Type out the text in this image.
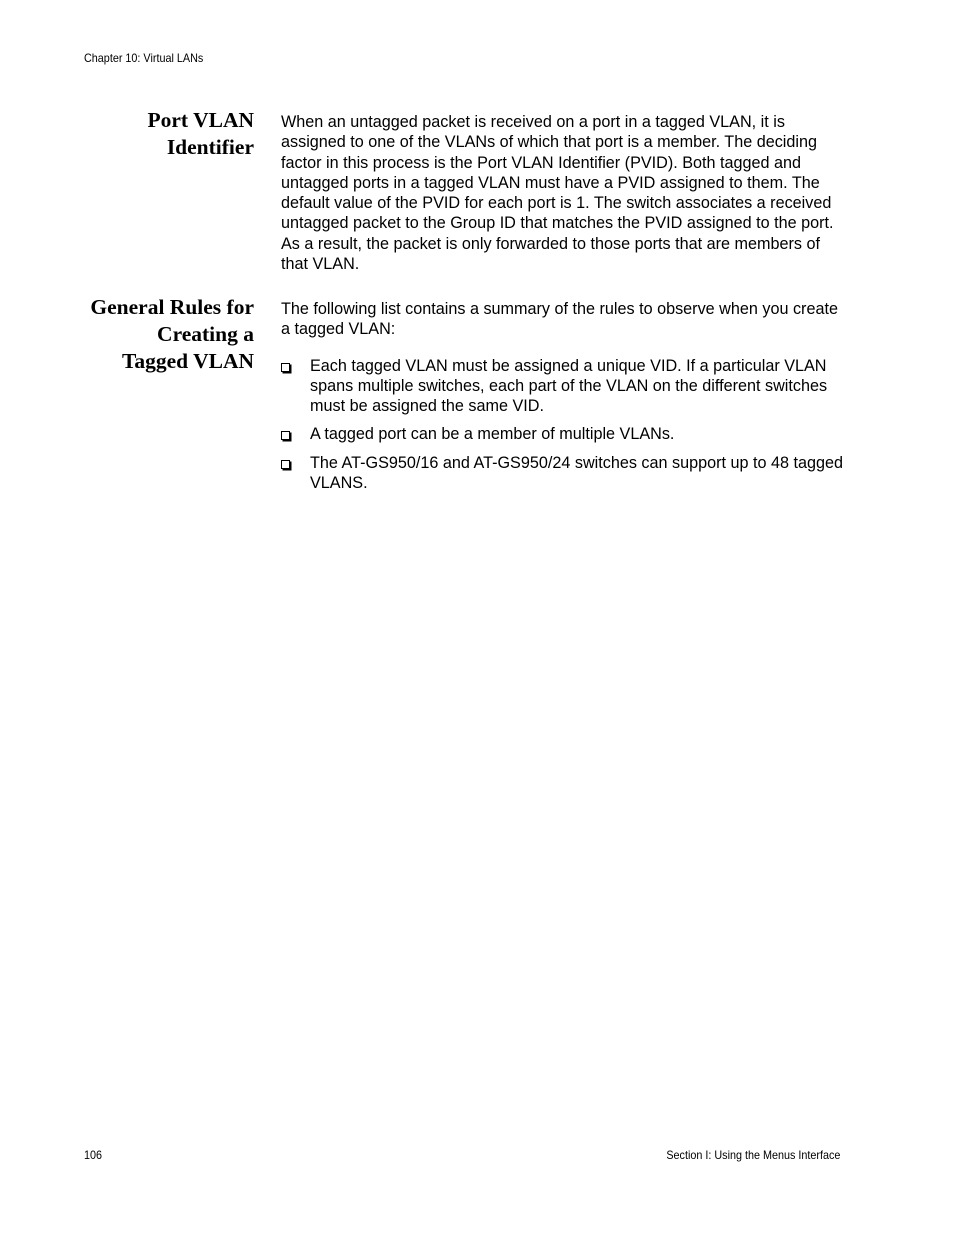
Chapter 10: Virtual LANs
Port VLAN
Identifier

When an untagged packet is received on a port in a tagged VLAN, it is assigned to one of the VLANs of which that port is a member. The deciding factor in this process is the Port VLAN Identifier (PVID). Both tagged and untagged ports in a tagged VLAN must have a PVID assigned to them. The default value of the PVID for each port is 1. The switch associates a received untagged packet to the Group ID that matches the PVID assigned to the port. As a result, the packet is only forwarded to those ports that are members of that VLAN.

General Rules for
Creating a
Tagged VLAN

The following list contains a summary of the rules to observe when you create a tagged VLAN:

Each tagged VLAN must be assigned a unique VID. If a particular VLAN spans multiple switches, each part of the VLAN on the different switches must be assigned the same VID.
A tagged port can be a member of multiple VLANs.
The AT-GS950/16 and AT-GS950/24 switches can support up to 48 tagged VLANS.
106	Section I: Using the Menus Interface
